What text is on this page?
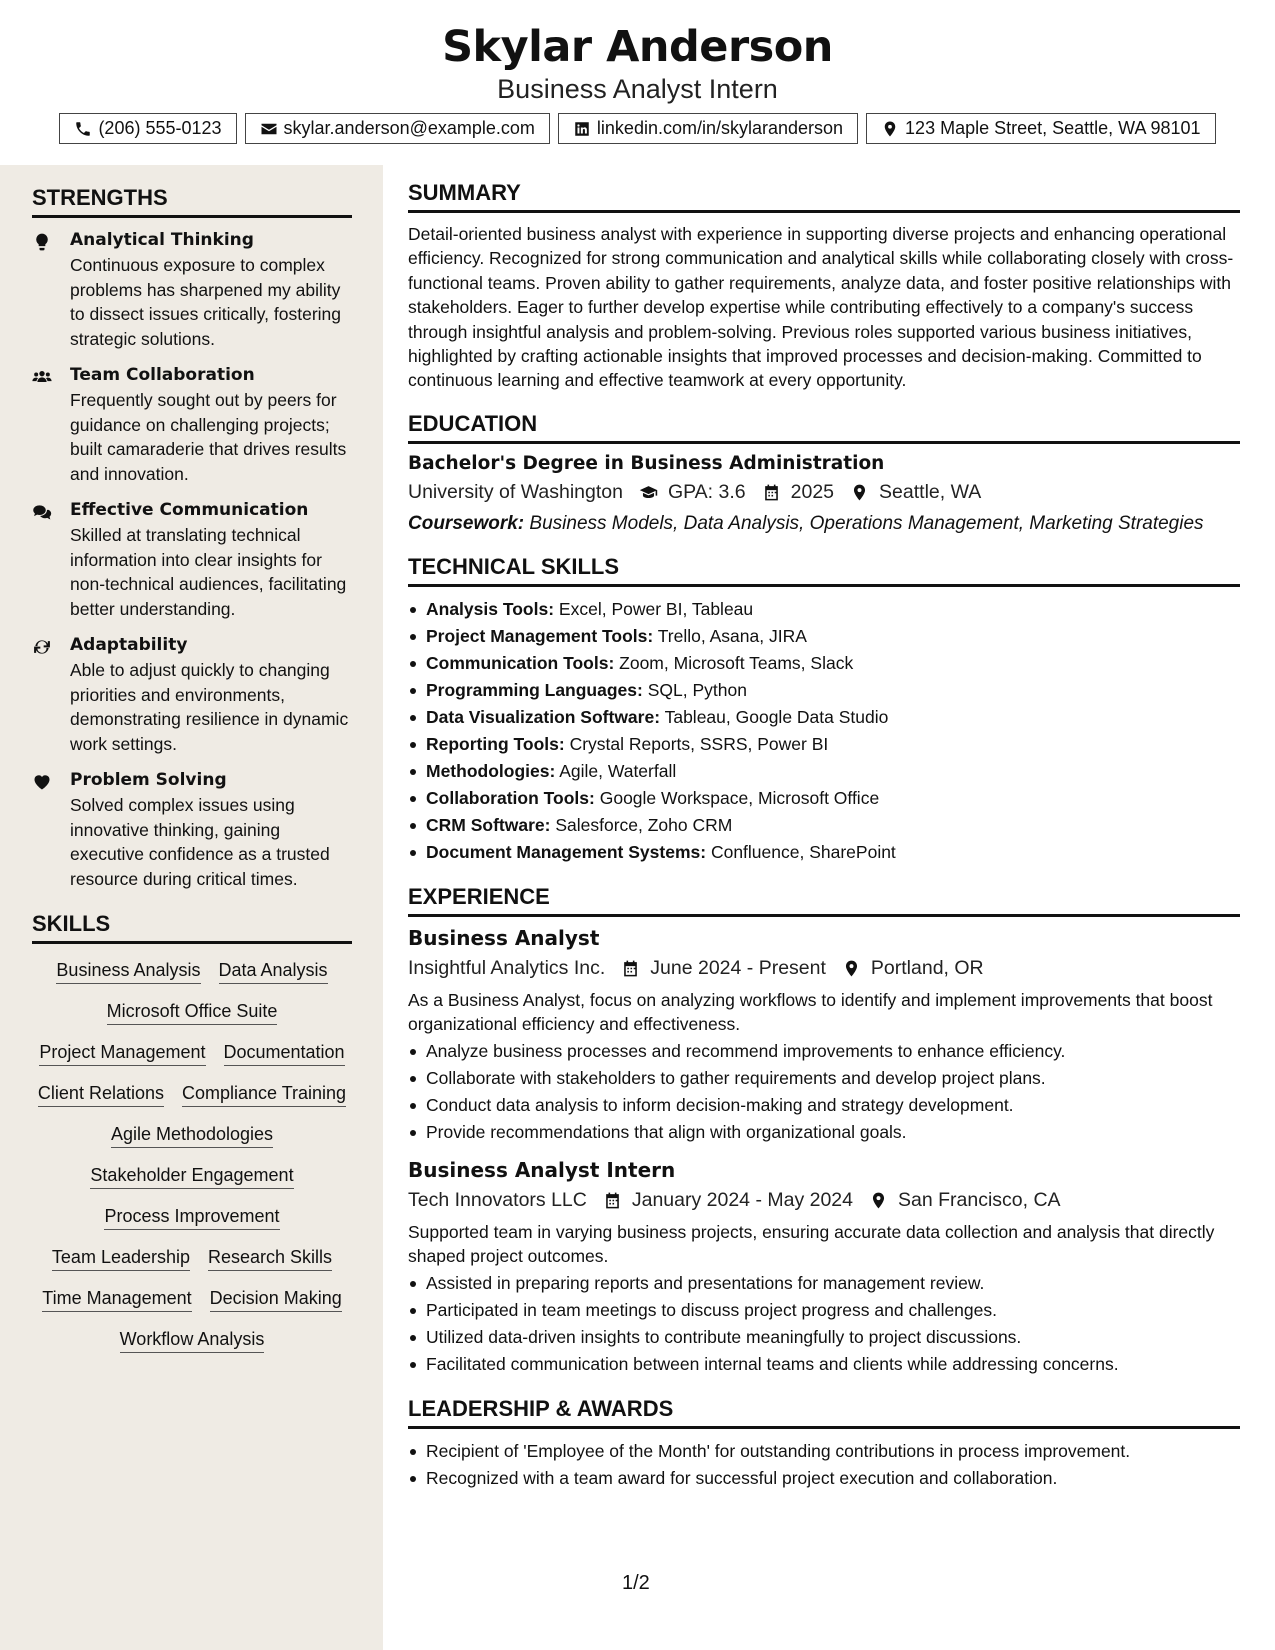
Skylar Anderson
Business Analyst Intern
(206) 555-0123	skylar.anderson@example.com	linkedin.com/in/skylaranderson	123 Maple Street, Seattle, WA 98101
STRENGTHS
Analytical Thinking
Continuous exposure to complex problems has sharpened my ability to dissect issues critically, fostering strategic solutions.
Team Collaboration
Frequently sought out by peers for guidance on challenging projects; built camaraderie that drives results and innovation.
Effective Communication
Skilled at translating technical information into clear insights for non-technical audiences, facilitating better understanding.
Adaptability
Able to adjust quickly to changing priorities and environments, demonstrating resilience in dynamic work settings.
Problem Solving
Solved complex issues using innovative thinking, gaining executive confidence as a trusted resource during critical times.
SKILLS
Business Analysis Data Analysis
Microsoft Office Suite
Project Management Documentation
Client Relations Compliance Training
Agile Methodologies
Stakeholder Engagement
Process Improvement
Team Leadership Research Skills
Time Management Decision Making
Workflow Analysis
SUMMARY
Detail-oriented business analyst with experience in supporting diverse projects and enhancing operational efficiency. Recognized for strong communication and analytical skills while collaborating closely with cross-functional teams. Proven ability to gather requirements, analyze data, and foster positive relationships with stakeholders. Eager to further develop expertise while contributing effectively to a company's success through insightful analysis and problem-solving. Previous roles supported various business initiatives, highlighted by crafting actionable insights that improved processes and decision-making. Committed to continuous learning and effective teamwork at every opportunity.
EDUCATION
Bachelor's Degree in Business Administration
University of Washington GPA: 3.6 2025 Seattle, WA
Coursework: Business Models, Data Analysis, Operations Management, Marketing Strategies
TECHNICAL SKILLS
Analysis Tools: Excel, Power BI, Tableau
Project Management Tools: Trello, Asana, JIRA
Communication Tools: Zoom, Microsoft Teams, Slack
Programming Languages: SQL, Python
Data Visualization Software: Tableau, Google Data Studio
Reporting Tools: Crystal Reports, SSRS, Power BI
Methodologies: Agile, Waterfall
Collaboration Tools: Google Workspace, Microsoft Office
CRM Software: Salesforce, Zoho CRM
Document Management Systems: Confluence, SharePoint
EXPERIENCE
Business Analyst
Insightful Analytics Inc. June 2024 - Present Portland, OR
As a Business Analyst, focus on analyzing workflows to identify and implement improvements that boost organizational efficiency and effectiveness.
Analyze business processes and recommend improvements to enhance efficiency.
Collaborate with stakeholders to gather requirements and develop project plans.
Conduct data analysis to inform decision-making and strategy development.
Provide recommendations that align with organizational goals.
Business Analyst Intern
Tech Innovators LLC January 2024 - May 2024 San Francisco, CA
Supported team in varying business projects, ensuring accurate data collection and analysis that directly shaped project outcomes.
Assisted in preparing reports and presentations for management review.
Participated in team meetings to discuss project progress and challenges.
Utilized data-driven insights to contribute meaningfully to project discussions.
Facilitated communication between internal teams and clients while addressing concerns.
LEADERSHIP & AWARDS
Recipient of 'Employee of the Month' for outstanding contributions in process improvement.
Recognized with a team award for successful project execution and collaboration.
1/2
